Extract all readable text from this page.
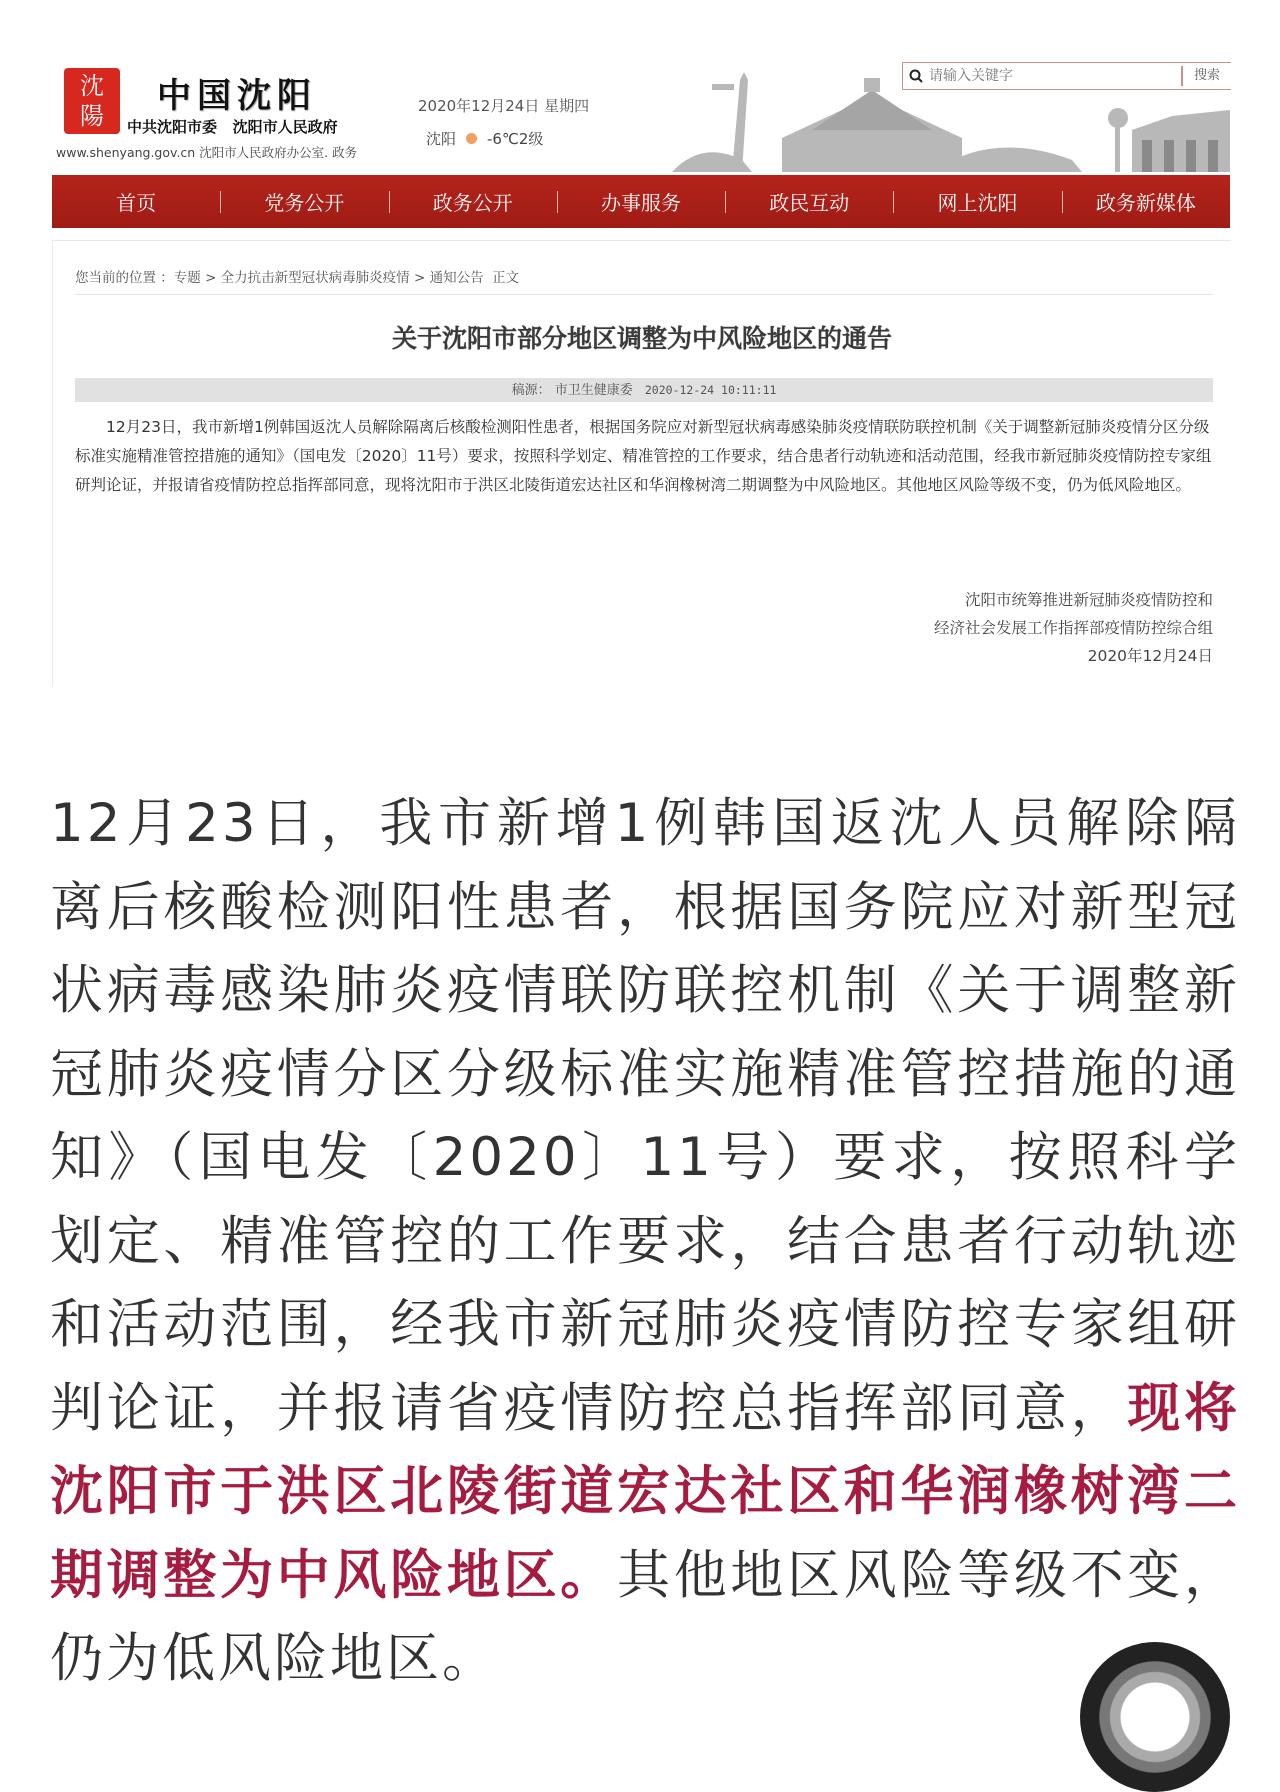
沈
陽	中国沈阳
中共沈阳市委   沈阳市人民政府
www.shenyang.gov.cn 沈阳市人民政府办公室. 政务
2020年12月24日 星期四
沈阳 -6℃2级
请输入关键字
搜索
首页	党务公开	政务公开	办事服务	政民互动	网上沈阳	政务新媒体
您当前的位置 ：专题 > 全力抗击新型冠状病毒肺炎疫情 > 通知公告  正文
关于沈阳市部分地区调整为中风险地区的通告
稿源： 市卫生健康委 2020-12-24 10:11:11
12月23日，我市新增1例韩国返沈人员解除隔离后核酸检测阳性患者，根据国务院应对新型冠状病毒感染肺炎疫情联防联控机制《关于调整新冠肺炎疫情分区分级标准实施精准管控措施的通知》（国电发〔2020〕11号）要求，按照科学划定、精准管控的工作要求，结合患者行动轨迹和活动范围，经我市新冠肺炎疫情防控专家组研判论证，并报请省疫情防控总指挥部同意，现将沈阳市于洪区北陵街道宏达社区和华润橡树湾二期调整为中风险地区。其他地区风险等级不变，仍为低风险地区。
沈阳市统筹推进新冠肺炎疫情防控和
经济社会发展工作指挥部疫情防控综合组
2020年12月24日
12月23日，我市新增1例韩国返沈人员解除隔离后核酸检测阳性患者，根据国务院应对新型冠状病毒感染肺炎疫情联防联控机制《关于调整新冠肺炎疫情分区分级标准实施精准管控措施的通知》（国电发〔2020〕11号）要求，按照科学划定、精准管控的工作要求，结合患者行动轨迹和活动范围，经我市新冠肺炎疫情防控专家组研判论证，并报请省疫情防控总指挥部同意，现将沈阳市于洪区北陵街道宏达社区和华润橡树湾二期调整为中风险地区。其他地区风险等级不变，仍为低风险地区。
